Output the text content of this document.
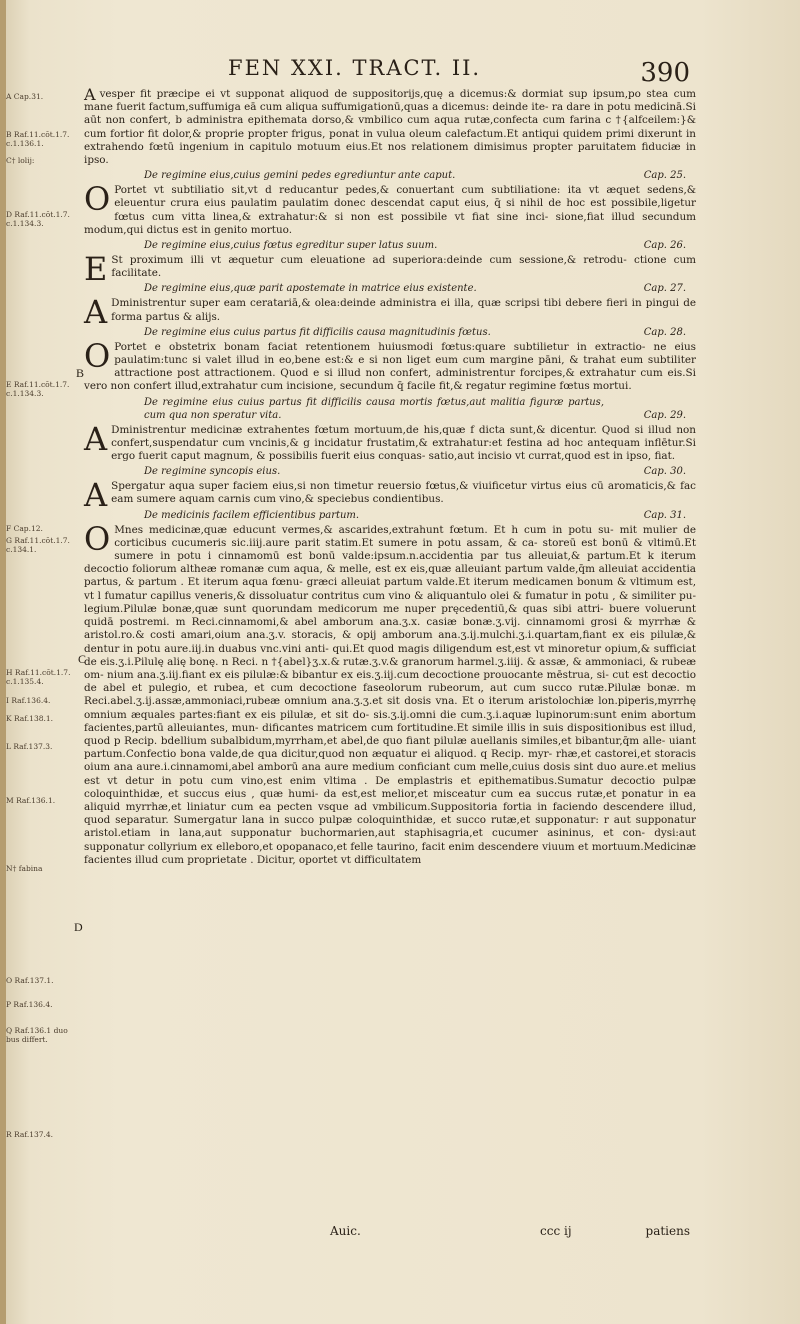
FEN XXI. TRACT. II.	390
A Cap.31.
B Raf.11.cōt.1.7.
c.1.136.1.
C† lolij:
D Raf.11.cōt.1.7.
c.1.134.3.
E Raf.11.cōt.1.7.
c.1.134.3.
F Cap.12.
G Raf.11.cōt.1.7.
c.134.1.
H Raf.11.cōt.1.7.
c.1.135.4.
I Raf.136.4.
K Raf.138.1.
L Raf.137.3.
M Raf.136.1.
N† fabina
O Raf.137.1.
P Raf.136.4.
Q Raf.136.1 duo
bus differt.
R Raf.137.4.
B
C
D

Avesper fit præcipe ei vt supponat aliquod de suppositorijs,quę a dicemus:& dormiat sup ipsum,po stea cum mane fuerit factum,suffumiga eā cum aliqua suffumigationū,quas a dicemus: deinde ite- ra dare in potu medicinā.Si aūt non confert, b administra epithemata dorso,& vmbilico cum aqua rutæ,confecta cum farina c †{alfceilem:}& cum fortior fit dolor,& proprie propter frigus, ponat in vulua oleum calefactum.Et antiqui quidem primi dixerunt in extrahendo fœtū ingenium in capitulo motuum eius.Et nos relationem dimisimus propter paruitatem fiduciæ in ipso.

De regimine eius,cuius gemini pedes egrediuntur ante caput.	Cap. 25.

O Portet vt subtiliatio sit,vt d reducantur pedes,& conuertant cum subtiliatione: ita vt æquet sedens,& eleuentur crura eius paulatim paulatim donec descendat caput eius, q̄ si nihil de hoc est possibile,ligetur fœtus cum vitta linea,& extrahatur:& si non est possibile vt fiat sine inci- sione,fiat illud secundum modum,qui dictus est in genito mortuo.

De regimine eius,cuius fœtus egreditur super latus suum.	Cap. 26.

E St proximum illi vt æquetur cum eleuatione ad superiora:deinde cum sessione,& retrodu- ctione cum facilitate.

De regimine eius,quæ parit apostemate in matrice eius existente.	Cap. 27.

A Dministrentur super eam ceratariā,& olea:deinde administra ei illa, quæ scripsi tibi debere fieri in pingui de forma partus & alijs.

De regimine eius cuius partus fit difficilis causa magnitudinis fœtus.	Cap. 28.

O Portet e obstetrix bonam faciat retentionem huiusmodi fœtus:quare subtilietur in extractio- ne eius paulatim:tunc si valet illud in eo,bene est:& e si non liget eum cum margine pāni, & trahat eum subtiliter attractione post attractionem. Quod e si illud non confert, administrentur forcipes,& extrahatur cum eis.Si vero non confert illud,extrahatur cum incisione, secundum q̄ facile fit,& regatur regimine fœtus mortui.

De regimine eius cuius partus fit difficilis causa mortis fœtus,aut malitia figuræ partus, cum qua non speratur vita.	Cap. 29.

A Dministrentur medicinæ extrahentes fœtum mortuum,de his,quæ f dicta sunt,& dicentur. Quod si illud non confert,suspendatur cum vncinis,& g incidatur frustatim,& extrahatur:et festina ad hoc antequam inflētur.Si ergo fuerit caput magnum, & possibilis fuerit eius conquas- satio,aut incisio vt currat,quod est in ipso, fiat.

De regimine syncopis eius.	Cap. 30.

A Spergatur aqua super faciem eius,si non timetur reuersio fœtus,& viuificetur virtus eius cū aromaticis,& fac eam sumere aquam carnis cum vino,& speciebus condientibus.

De medicinis facilem efficientibus partum.	Cap. 31.

O Mnes medicinæ,quæ educunt vermes,& ascarides,extrahunt fœtum. Et h cum in potu su- mit mulier de corticibus cucumeris sic.iiij.aure parit statim.Et sumere in potu assam, & ca- storeū est bonū & vltimū.Et sumere in potu i cinnamomū est bonū valde:ipsum.n.accidentia par tus alleuiat,& partum.Et k iterum decoctio foliorum altheæ romanæ cum aqua, & melle, est ex eis,quæ alleuiant partum valde,q̄m alleuiat accidentia partus, & partum . Et iterum aqua fœnu- græci alleuiat partum valde.Et iterum medicamen bonum & vltimum est, vt l fumatur capillus veneris,& dissoluatur contritus cum vino & aliquantulo olei & fumatur in potu , & similiter pu- legium.Pilulæ bonæ,quæ sunt quorundam medicorum me nuper pręcedentiū,& quas sibi attri- buere voluerunt quidā postremi. m Reci.cinnamomi,& abel amborum ana.ʒ.x. casiæ bonæ.ʒ.vij. cinnamomi grosi & myrrhæ & aristol.ro.& costi amari,oium ana.ʒ.v. storacis, & opij amborum ana.ʒ.ij.mulchi.ʒ.i.quartam,fiant ex eis pilulæ,& dentur in potu aure.iij.in duabus vnc.vini anti- qui.Et quod magis diligendum est,est vt minoretur opium,& sufficiat de eis.ʒ.i.Pilulę alię bonę. n Reci. n †{abel}ʒ.x.& rutæ.ʒ.v.& granorum harmel.ʒ.iiij. & assæ, & ammoniaci, & rubeæ om- nium ana.ʒ.iij.fiant ex eis pilulæ:& bibantur ex eis.ʒ.iij.cum decoctione prouocante mēstrua, si- cut est decoctio de abel et pulegio, et rubea, et cum decoctione faseolorum rubeorum, aut cum succo rutæ.Pilulæ bonæ. m Reci.abel.ʒ.ij.assæ,ammoniaci,rubeæ omnium ana.ʒ.ʒ.et sit dosis vna. Et o iterum aristolochiæ lon.piperis,myrrhę omnium æquales partes:fiant ex eis pilulæ, et sit do- sis.ʒ.ij.omni die cum.ʒ.i.aquæ lupinorum:sunt enim abortum facientes,partū alleuiantes, mun- dificantes matricem cum fortitudine.Et simile illis in suis dispositionibus est illud, quod p Recip. bdellium subalbidum,myrrham,et abel,de quo fiant pilulæ auellanis similes,et bibantur,q̄m alle- uiant partum.Confectio bona valde,de qua dicitur,quod non æquatur ei aliquod. q Recip. myr- rhæ,et castorei,et storacis oium ana aure.i.cinnamomi,abel amborū ana aure medium conficiant cum melle,cuius dosis sint duo aure.et melius est vt detur in potu cum vino,est enim vltima . De emplastris et epithematibus.Sumatur decoctio pulpæ coloquinthidæ, et succus eius , quæ humi- da est,est melior,et misceatur cum ea succus rutæ,et ponatur in ea aliquid myrrhæ,et liniatur cum ea pecten vsque ad vmbilicum.Suppositoria fortia in faciendo descendere illud, quod separatur. Sumergatur lana in succo pulpæ coloquinthidæ, et succo rutæ,et supponatur: r aut supponatur aristol.etiam in lana,aut supponatur buchormarien,aut staphisagria,et cucumer asininus, et con- dysi:aut supponatur collyrium ex elleboro,et opopanaco,et felle taurino, facit enim descendere viuum et mortuum.Medicinæ facientes illud cum proprietate . Dicitur, oportet vt difficultatem

Auic.	ccc ij	patiens
